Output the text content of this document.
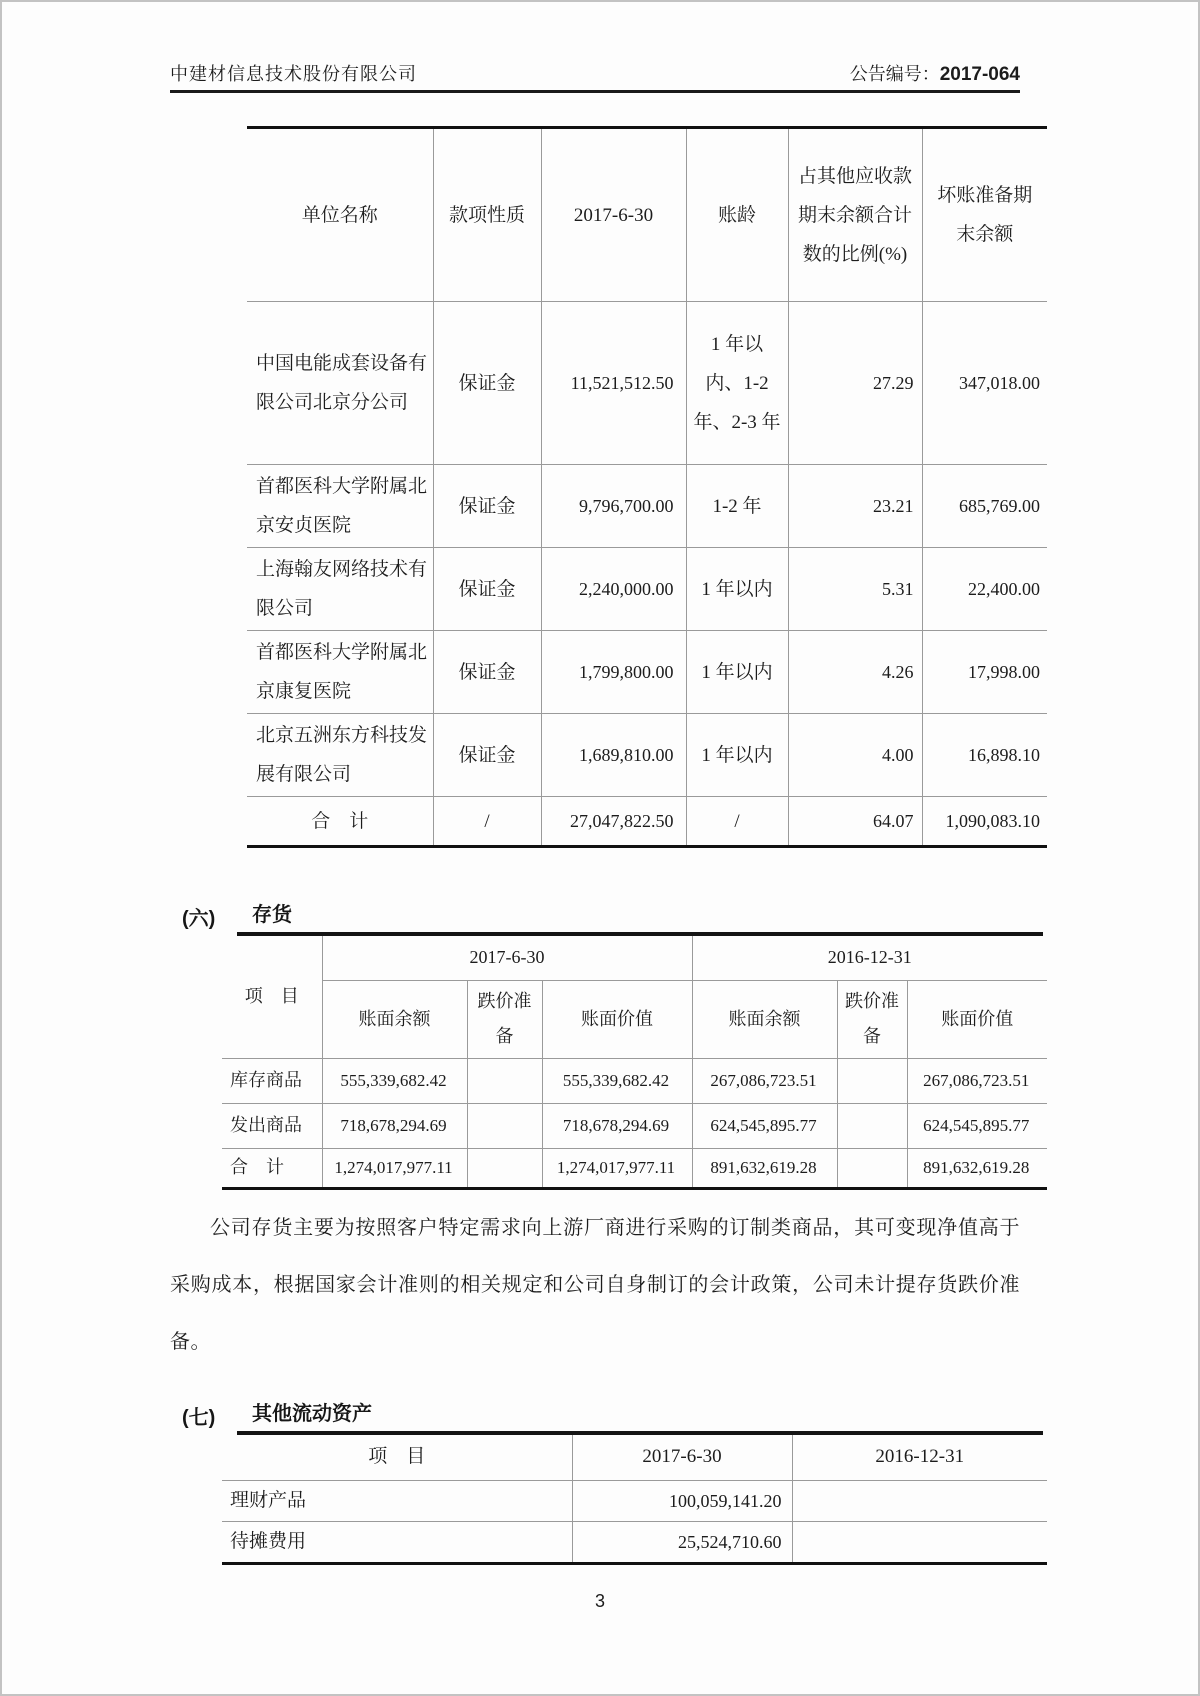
中建材信息技术股份有限公司	公告编号：2017-064
单位名称	款项性质	2017-6-30	账龄	占其他应收款期末余额合计数的比例(%)	坏账准备期末余额
中国电能成套设备有限公司北京分公司	保证金	11,521,512.50	1 年以内、1-2 年、2-3 年	27.29	347,018.00
首都医科大学附属北京安贞医院	保证金	9,796,700.00	1-2 年	23.21	685,769.00
上海翰友网络技术有限公司	保证金	2,240,000.00	1 年以内	5.31	22,400.00
首都医科大学附属北京康复医院	保证金	1,799,800.00	1 年以内	4.26	17,998.00
北京五洲东方科技发展有限公司	保证金	1,689,810.00	1 年以内	4.00	16,898.10
合　计	/	27,047,822.50	/	64.07	1,090,083.10
(六)	存货
项　目	2017-6-30			2016-12-31		
	账面余额	跌价准备	账面价值	账面余额	跌价准备	账面价值
库存商品	555,339,682.42		555,339,682.42	267,086,723.51		267,086,723.51
发出商品	718,678,294.69		718,678,294.69	624,545,895.77		624,545,895.77
合　计	1,274,017,977.11		1,274,017,977.11	891,632,619.28		891,632,619.28

公司存货主要为按照客户特定需求向上游厂商进行采购的订制类商品，其可变现净值高于采购成本，根据国家会计准则的相关规定和公司自身制订的会计政策，公司未计提存货跌价准备。

(七)	其他流动资产
项　目	2017-6-30	2016-12-31
理财产品	100,059,141.20	
待摊费用	25,524,710.60	
3
